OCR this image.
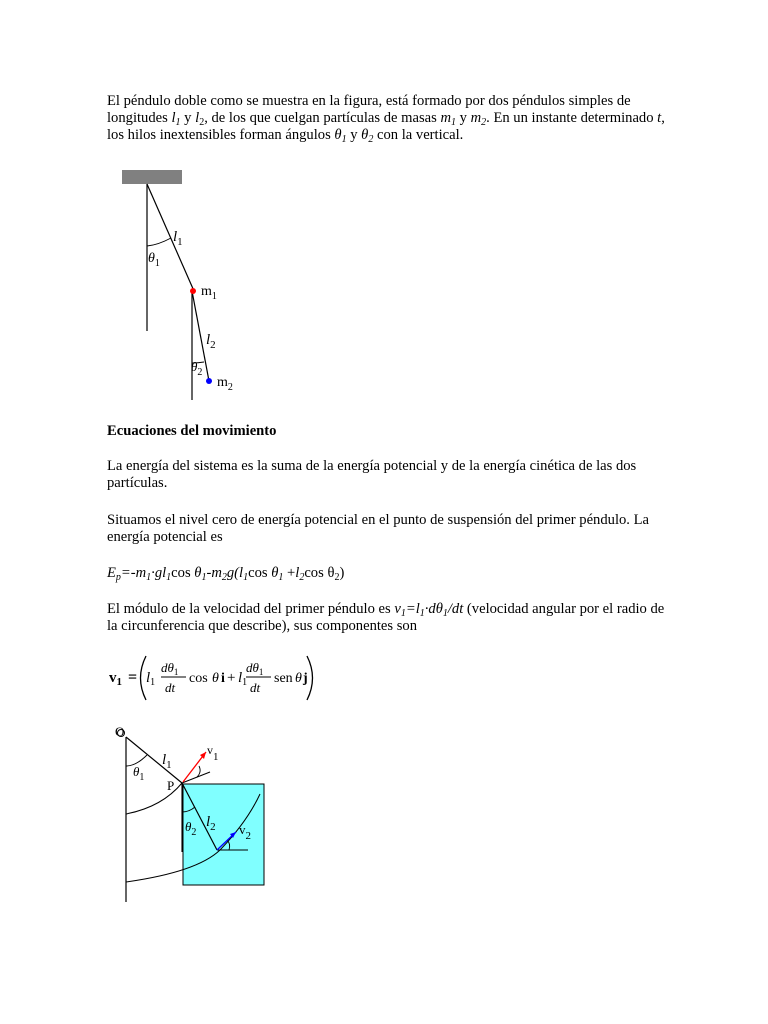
El péndulo doble como se muestra en la figura, está formado por dos péndulos simples de longitudes $l_1$ y $l_2$, de los que cuelgan partículas de masas $m_1$ y $m_2$. En un instante determinado t, los hilos inextensibles forman ángulos $\theta_1$ y $\theta_2$ con la vertical.

$l_1$
$\theta_1$
$m_1$
$l_2$
$\theta_2$
$m_2$

Ecuaciones del movimiento

La energía del sistema es la suma de la energía potencial y de la energía cinética de las dos partículas.

Situamos el nivel cero de energía potencial en el punto de suspensión del primer péndulo. La energía potencial es

$E_p=-m_1\cdot gl_1\cos$ $\theta_1-m_2g(l_1\cos$ $\theta_1 +l_2\cos$ $\theta_2$)

El módulo de la velocidad del primer péndulo es $v_1=l_1\cdot d\theta_1/dt$ (velocidad angular por el radio de la circunferencia que describe), sus componentes son

$v_1 = l_1$
$d\theta_1$
dt
cos θ $i + l_1$
$d\theta_1$
dt
sen θ j
O O
$l_1$
v1
$\theta_1$
P
$\theta_2$
$l_2$ $v_2$
